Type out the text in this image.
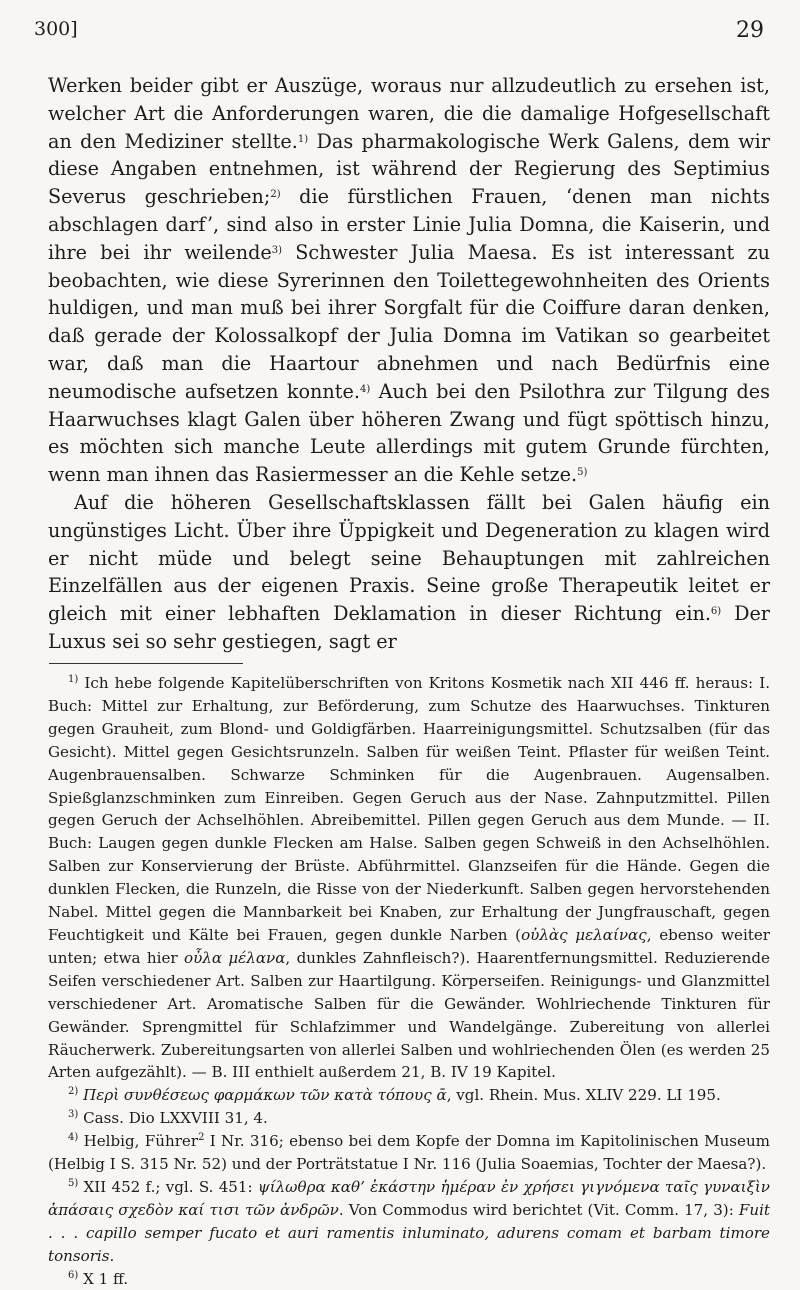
300]	29

Werken beider gibt er Auszüge, woraus nur allzudeutlich zu ersehen ist, welcher Art die Anforderungen waren, die die damalige Hofgesellschaft an den Mediziner stellte.$^{1)}$ Das pharmakologische Werk Galens, dem wir diese Angaben entnehmen, ist während der Regierung des Septimius Severus geschrieben;$^{2)}$ die fürstlichen Frauen, ‘denen man nichts abschlagen darf’, sind also in erster Linie Julia Domna, die Kaiserin, und ihre bei ihr weilende$^{3)}$ Schwester Julia Maesa. Es ist interessant zu beobachten, wie diese Syrerinnen den Toilettegewohnheiten des Orients huldigen, und man muß bei ihrer Sorgfalt für die Coiffure daran denken, daß gerade der Kolossalkopf der Julia Domna im Vatikan so gearbeitet war, daß man die Haartour abnehmen und nach Bedürfnis eine neumodische aufsetzen konnte.$^{4)}$ Auch bei den Psilothra zur Tilgung des Haarwuchses klagt Galen über höheren Zwang und fügt spöttisch hinzu, es möchten sich manche Leute allerdings mit gutem Grunde fürchten, wenn man ihnen das Rasiermesser an die Kehle setze.$^{5)}$

Auf die höheren Gesellschaftsklassen fällt bei Galen häufig ein ungünstiges Licht. Über ihre Üppigkeit und Degeneration zu klagen wird er nicht müde und belegt seine Behauptungen mit zahlreichen Einzelfällen aus der eigenen Praxis. Seine große Therapeutik leitet er gleich mit einer lebhaften Deklamation in dieser Richtung ein.$^{6)}$ Der Luxus sei so sehr gestiegen, sagt er

$^{1)}$ Ich hebe folgende Kapitelüberschriften von Kritons Kosmetik nach XII 446 ff. heraus: I. Buch: Mittel zur Erhaltung, zur Beförderung, zum Schutze des Haarwuchses. Tinkturen gegen Grauheit, zum Blond- und Goldigfärben. Haarreinigungsmittel. Schutzsalben (für das Gesicht). Mittel gegen Gesichtsrunzeln. Salben für weißen Teint. Pflaster für weißen Teint. Augenbrauensalben. Schwarze Schminken für die Augenbrauen. Augensalben. Spießglanzschminken zum Einreiben. Gegen Geruch aus der Nase. Zahnputzmittel. Pillen gegen Geruch der Achselhöhlen. Abreibemittel. Pillen gegen Geruch aus dem Munde. — II. Buch: Laugen gegen dunkle Flecken am Halse. Salben gegen Schweiß in den Achselhöhlen. Salben zur Konservierung der Brüste. Abführmittel. Glanzseifen für die Hände. Gegen die dunklen Flecken, die Runzeln, die Risse von der Niederkunft. Salben gegen hervorstehenden Nabel. Mittel gegen die Mannbarkeit bei Knaben, zur Erhaltung der Jungfrauschaft, gegen Feuchtigkeit und Kälte bei Frauen, gegen dunkle Narben (οὐλὰς μελαίνας, ebenso weiter unten; etwa hier οὖλα μέλανα, dunkles Zahnfleisch?). Haarentfernungsmittel. Reduzierende Seifen verschiedener Art. Salben zur Haartilgung. Körperseifen. Reinigungs- und Glanzmittel verschiedener Art. Aromatische Salben für die Gewänder. Wohlriechende Tinkturen für Gewänder. Sprengmittel für Schlafzimmer und Wandelgänge. Zubereitung von allerlei Räucherwerk. Zubereitungsarten von allerlei Salben und wohlriechenden Ölen (es werden 25 Arten aufgezählt). — B. III enthielt außerdem 21, B. IV 19 Kapitel.

$^{2)}$ Περὶ συνθέσεως φαρμάκων τῶν κατὰ τόπους ᾱ, vgl. Rhein. Mus. XLIV 229. LI 195.

$^{3)}$ Cass. Dio LXXVIII 31, 4.

$^{4)}$ Helbig, Führer$^2$ I Nr. 316; ebenso bei dem Kopfe der Domna im Kapitolinischen Museum (Helbig I S. 315 Nr. 52) und der Porträtstatue I Nr. 116 (Julia Soaemias, Tochter der Maesa?).

$^{5)}$ XII 452 f.; vgl. S. 451: ψίλωθρα καθ’ ἑκάστην ἡμέραν ἐν χρήσει γιγνόμενα ταῖς γυναιξὶν ἁπάσαις σχεδὸν καί τισι τῶν ἀνδρῶν. Von Commodus wird berichtet (Vit. Comm. 17, 3): Fuit . . . capillo semper fucato et auri ramentis inluminato, adurens comam et barbam timore tonsoris.

$^{6)}$ X 1 ff.
